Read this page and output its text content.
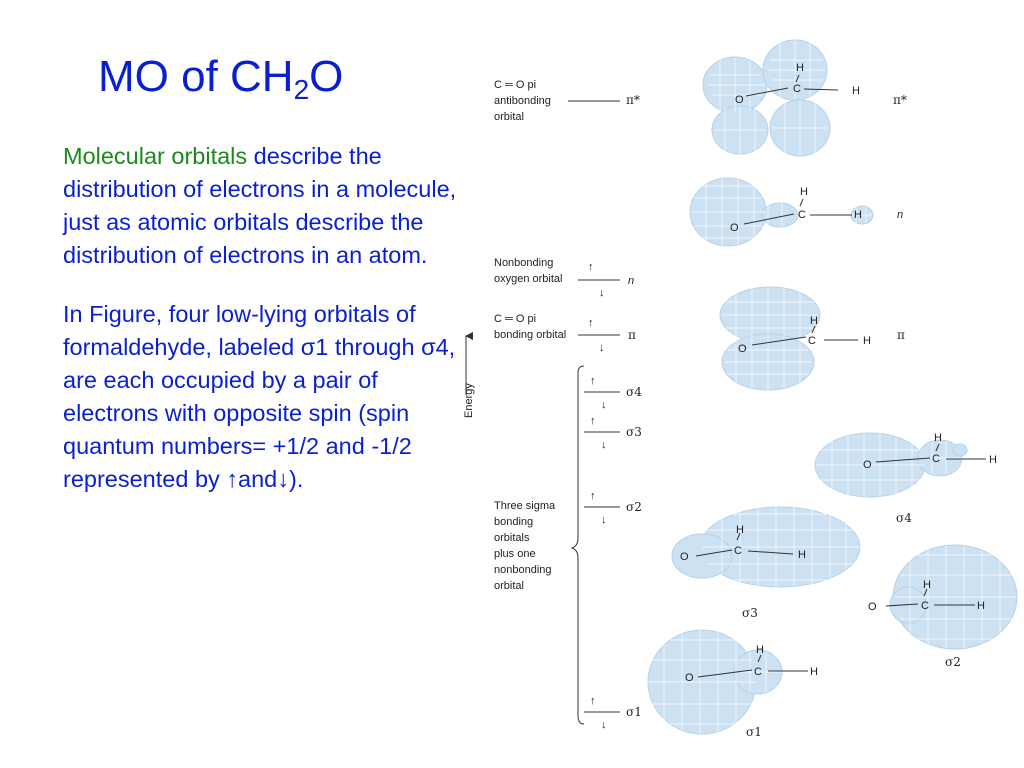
MO of $CH_2O$

Molecular orbitals describe the distribution of electrons in a molecule, just as atomic orbitals describe the distribution of electrons in an atom.

In Figure, four low-lying orbitals of formaldehyde, labeled σ1 through σ4, are each occupied by a pair of electrons with opposite spin (spin quantum numbers= +1/2 and -1/2 represented by ↑and↓).

Energy
C ═ O pi
antibonding
orbital
π*
Nonbonding
oxygen orbital
↑
↓
n
C ═ O pi
bonding orbital
↑
↓
π
Three sigma
bonding
orbitals
plus one
nonbonding
orbital
↑
↓
σ4
↑
↓
σ3
↑
↓
σ2
↑
↓
σ1
O
C
H
H
π*
O
C
H
H	n
O
C
H
H π
O	C
H
H
σ4
O	C
H
H
σ3	O	C
H
H
σ2
O	C
H
H
σ1
